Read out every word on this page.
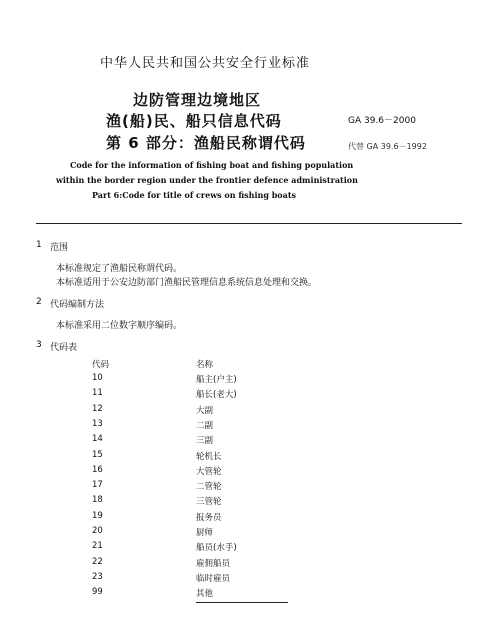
中华人民共和国公共安全行业标准
边防管理边境地区
渔(船)民、船只信息代码
第 6 部分：渔船民称谓代码
GA 39.6－2000
代替 GA 39.6－1992
Code for the information of fishing boat and fishing population
within the border region under the frontier defence administration
Part 6:Code for title of crews on fishing boats
1 范围
本标准规定了渔船民称谓代码。
本标准适用于公安边防部门渔船民管理信息系统信息处理和交换。
2 代码编制方法
本标准采用二位数字顺序编码。
3 代码表
代码	名称
10	船主(户主)
11	船长(老大)
12	大副
13	二副
14	三副
15	轮机长
16	大管轮
17	二管轮
18	三管轮
19	报务员
20	厨师
21	船员(水手)
22	雇佣船员
23	临时雇员
99	其他
